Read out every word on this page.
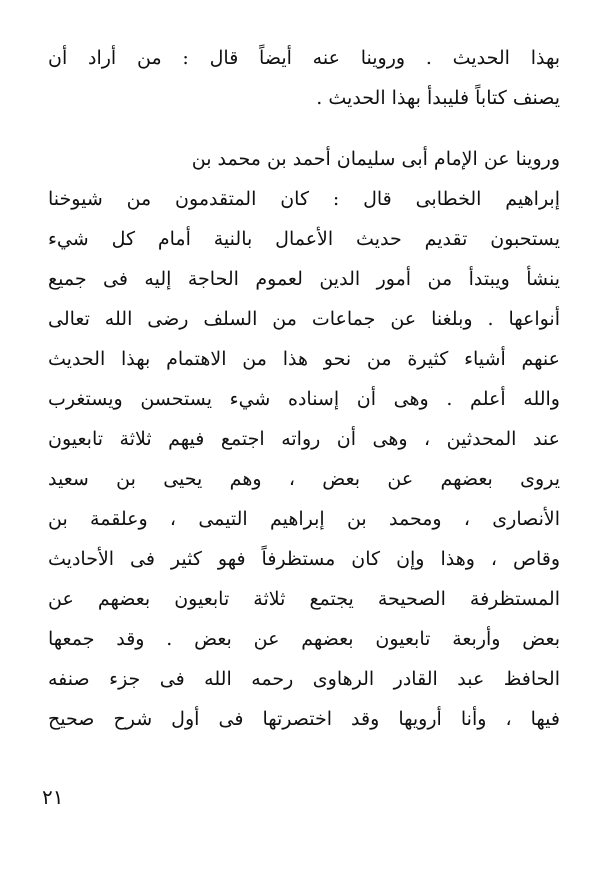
بهذا الحديث . وروينا عنه أيضاً قال : من أراد أن
يصنف كتاباً فليبدأ بهذا الحديث .
وروينا عن الإمام أبى سليمان أحمد بن محمد بن
إبراهيم الخطابى قال : كان المتقدمون من شيوخنا
يستحبون تقديم حديث الأعمال بالنية أمام كل شيء
ينشأ ويبتدأ من أمور الدين لعموم الحاجة إليه فى جميع
أنواعها . وبلغنا عن جماعات من السلف رضى الله تعالى
عنهم أشياء كثيرة من نحو هذا من الاهتمام بهذا الحديث
والله أعلم . وهى أن إسناده شيء يستحسن ويستغرب
عند المحدثين ، وهى أن رواته اجتمع فيهم ثلاثة تابعيون
يروى بعضهم عن بعض ، وهم يحيى بن سعيد
الأنصارى ، ومحمد بن إبراهيم التيمى ، وعلقمة بن
وقاص ، وهذا وإن كان مستظرفاً فهو كثير فى الأحاديث
المستظرفة الصحيحة يجتمع ثلاثة تابعيون بعضهم عن
بعض وأربعة تابعيون بعضهم عن بعض . وقد جمعها
الحافظ عبد القادر الرهاوى رحمه الله فى جزء صنفه
فيها ، وأنا أرويها وقد اختصرتها فى أول شرح صحيح
٢١
